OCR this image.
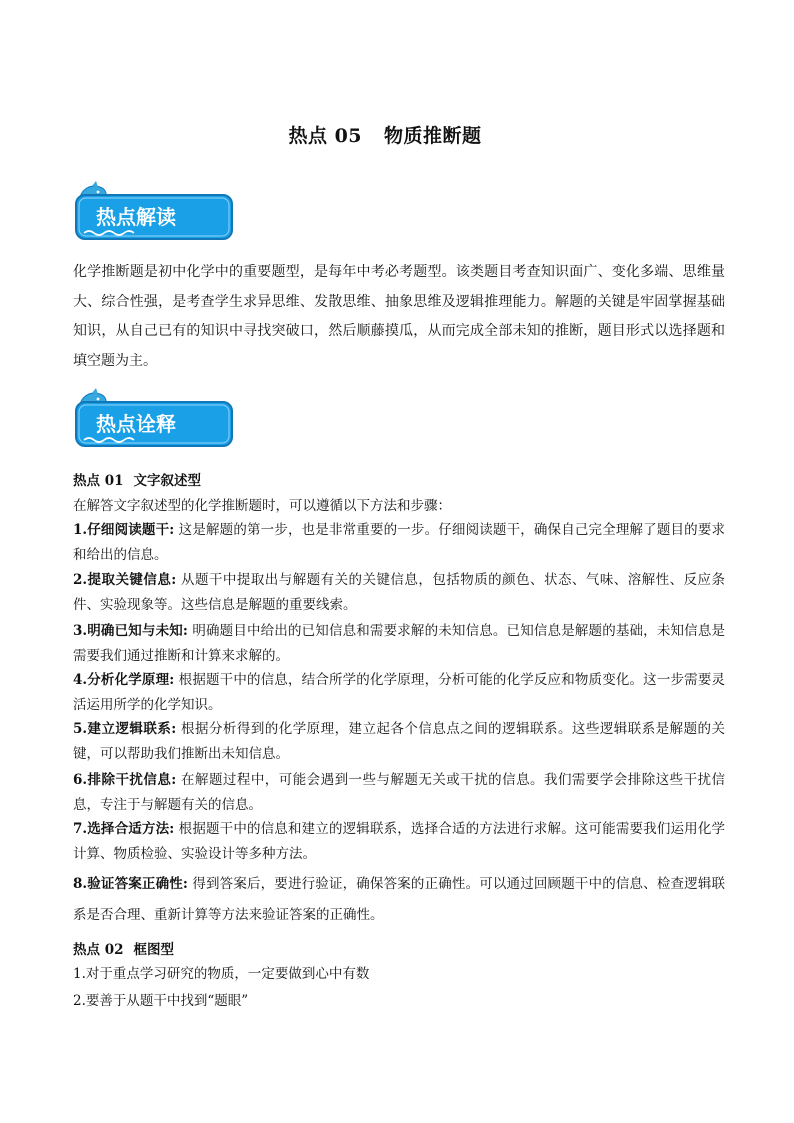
热点 05 物质推断题
热点解读
化学推断题是初中化学中的重要题型，是每年中考必考题型。该类题目考查知识面广、变化多端、思维量大、综合性强，是考查学生求异思维、发散思维、抽象思维及逻辑推理能力。解题的关键是牢固掌握基础知识，从自己已有的知识中寻找突破口，然后顺藤摸瓜，从而完成全部未知的推断，题目形式以选择题和填空题为主。
热点诠释
热点 01 文字叙述型
在解答文字叙述型的化学推断题时，可以遵循以下方法和步骤：
1.仔细阅读题干: 这是解题的第一步，也是非常重要的一步。仔细阅读题干，确保自己完全理解了题目的要求和给出的信息。
2.提取关键信息: 从题干中提取出与解题有关的关键信息，包括物质的颜色、状态、气味、溶解性、反应条件、实验现象等。这些信息是解题的重要线索。
3.明确已知与未知: 明确题目中给出的已知信息和需要求解的未知信息。已知信息是解题的基础，未知信息是需要我们通过推断和计算来求解的。
4.分析化学原理: 根据题干中的信息，结合所学的化学原理，分析可能的化学反应和物质变化。这一步需要灵活运用所学的化学知识。
5.建立逻辑联系: 根据分析得到的化学原理，建立起各个信息点之间的逻辑联系。这些逻辑联系是解题的关键，可以帮助我们推断出未知信息。
6.排除干扰信息: 在解题过程中，可能会遇到一些与解题无关或干扰的信息。我们需要学会排除这些干扰信息，专注于与解题有关的信息。
7.选择合适方法: 根据题干中的信息和建立的逻辑联系，选择合适的方法进行求解。这可能需要我们运用化学计算、物质检验、实验设计等多种方法。
8.验证答案正确性: 得到答案后，要进行验证，确保答案的正确性。可以通过回顾题干中的信息、检查逻辑联系是否合理、重新计算等方法来验证答案的正确性。
热点 02 框图型
1.对于重点学习研究的物质，一定要做到心中有数
2.要善于从题干中找到“题眼”
